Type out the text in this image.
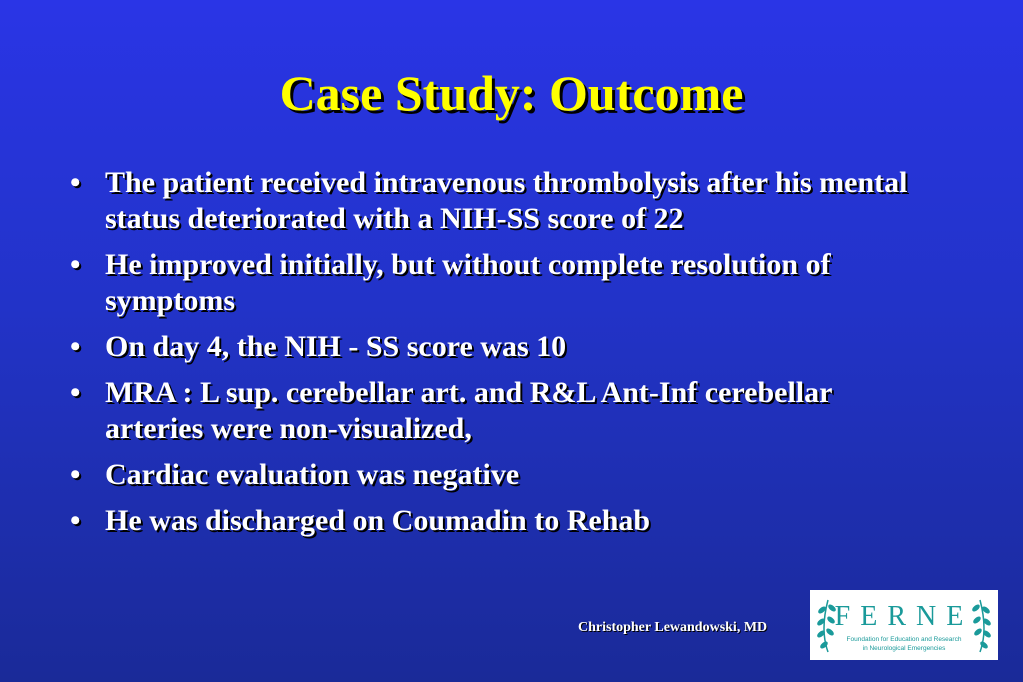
Case Study: Outcome
• The patient received intravenous thrombolysis after his mental status deteriorated with a NIH-SS score of 22
• He improved initially, but without complete resolution of symptoms
• On day 4, the NIH - SS score was 10
• MRA : L sup. cerebellar art. and R&L Ant-Inf cerebellar arteries were non-visualized,
• Cardiac evaluation was negative
• He was discharged on Coumadin to Rehab
Christopher Lewandowski, MD FERNE
Foundation for Education and Research
in Neurological Emergencies
